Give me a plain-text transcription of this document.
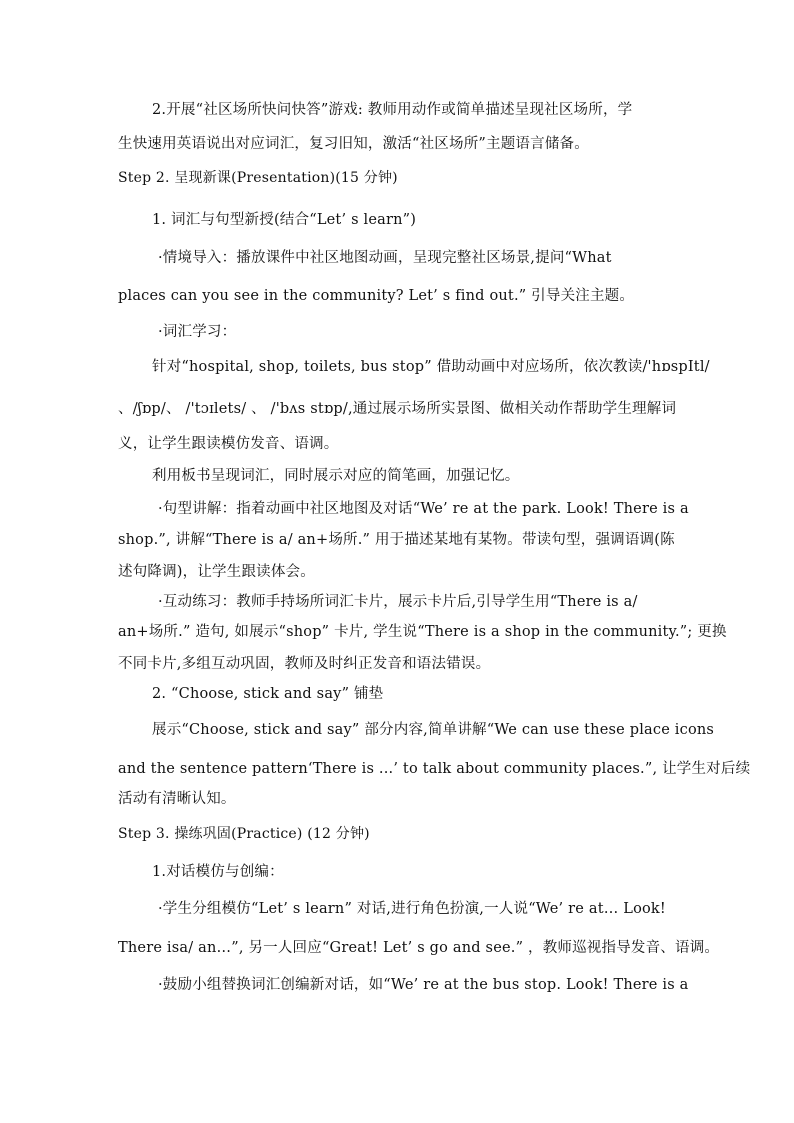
2.开展“社区场所快问快答”游戏: 教师用动作或简单描述呈现社区场所，学
生快速用英语说出对应词汇，复习旧知，激活“社区场所”主题语言储备。
Step 2. 呈现新课(Presentation)(15 分钟)
1. 词汇与句型新授(结合“Let’ s learn”)
·情境导入：播放课件中社区地图动画，呈现完整社区场景,提问“What
places can you see in the community? Let’ s find out.” 引导关注主题。
·词汇学习：
针对“hospital, shop, toilets, bus stop” 借助动画中对应场所，依次教读/'hɒspItl/
、/ʃɒp/、 /'tɔɪlets/ 、 /'bʌs stɒp/,通过展示场所实景图、做相关动作帮助学生理解词
义，让学生跟读模仿发音、语调。
利用板书呈现词汇，同时展示对应的简笔画，加强记忆。
·句型讲解：指着动画中社区地图及对话“We’ re at the park. Look! There is a
shop.”, 讲解“There is a/ an+场所.” 用于描述某地有某物。带读句型，强调语调(陈
述句降调)，让学生跟读体会。
·互动练习：教师手持场所词汇卡片，展示卡片后,引导学生用“There is a/
an+场所.” 造句, 如展示“shop” 卡片, 学生说“There is a shop in the community.”; 更换
不同卡片,多组互动巩固，教师及时纠正发音和语法错误。
2. “Choose, stick and say” 铺垫
展示“Choose, stick and say” 部分内容,简单讲解“We can use these place icons
and the sentence pattern‘There is ...’ to talk about community places.”, 让学生对后续
活动有清晰认知。
Step 3. 操练巩固(Practice) (12 分钟)
1.对话模仿与创编：
·学生分组模仿“Let’ s learn” 对话,进行角色扮演,一人说“We’ re at… Look!
There isa/ an…”, 另一人回应“Great! Let’ s go and see.” ，教师巡视指导发音、语调。
·鼓励小组替换词汇创编新对话，如“We’ re at the bus stop. Look! There is a
